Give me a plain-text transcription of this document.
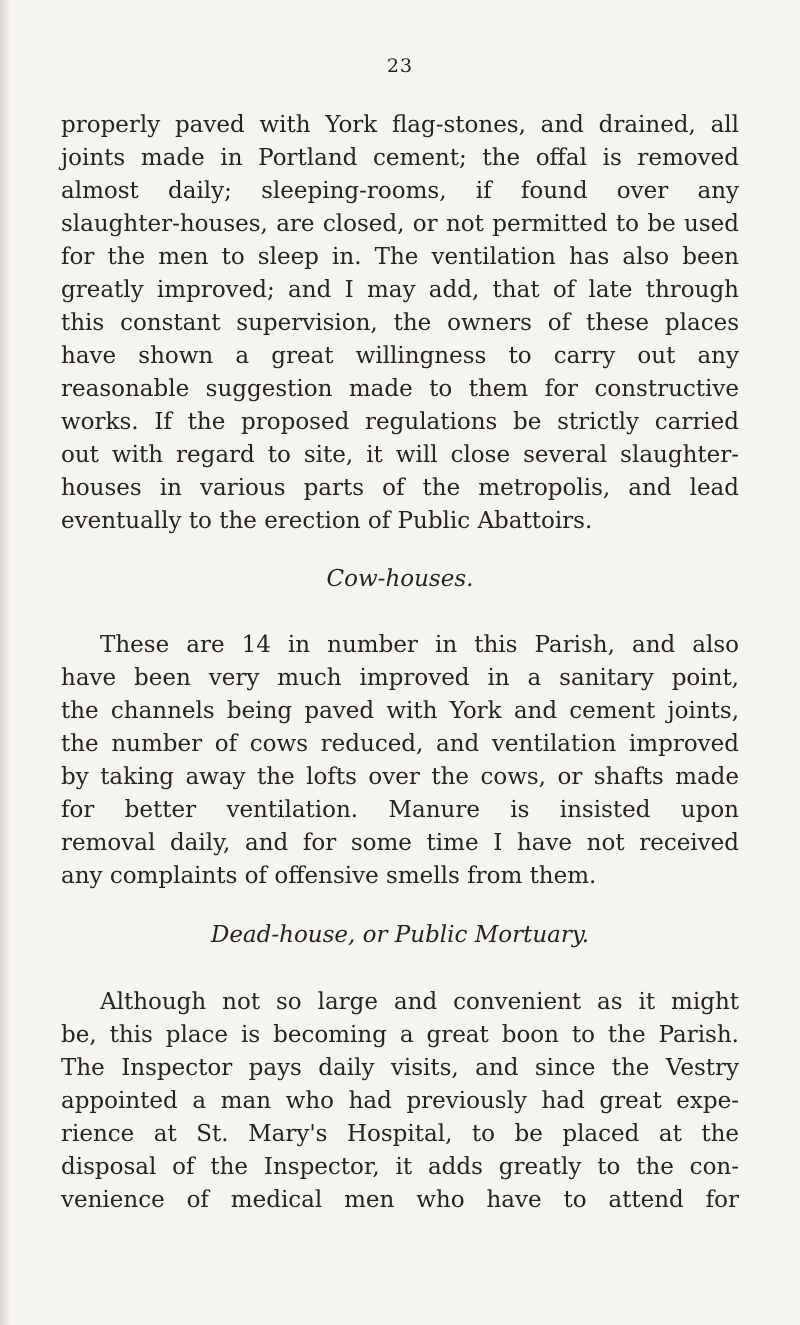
23
properly paved with York flag-stones, and drained, all
joints made in Portland cement; the offal is removed
almost daily; sleeping-rooms, if found over any
slaughter-houses, are closed, or not permitted to be used
for the men to sleep in. The ventilation has also been
greatly improved; and I may add, that of late through
this constant supervision, the owners of these places
have shown a great willingness to carry out any
reasonable suggestion made to them for constructive
works. If the proposed regulations be strictly carried
out with regard to site, it will close several slaughter-
houses in various parts of the metropolis, and lead
eventually to the erection of Public Abattoirs.
Cow-houses.
These are 14 in number in this Parish, and also
have been very much improved in a sanitary point,
the channels being paved with York and cement joints,
the number of cows reduced, and ventilation improved
by taking away the lofts over the cows, or shafts made
for better ventilation. Manure is insisted upon
removal daily, and for some time I have not received
any complaints of offensive smells from them.
Dead-house, or Public Mortuary.
Although not so large and convenient as it might
be, this place is becoming a great boon to the Parish.
The Inspector pays daily visits, and since the Vestry
appointed a man who had previously had great expe-
rience at St. Mary's Hospital, to be placed at the
disposal of the Inspector, it adds greatly to the con-
venience of medical men who have to attend for
